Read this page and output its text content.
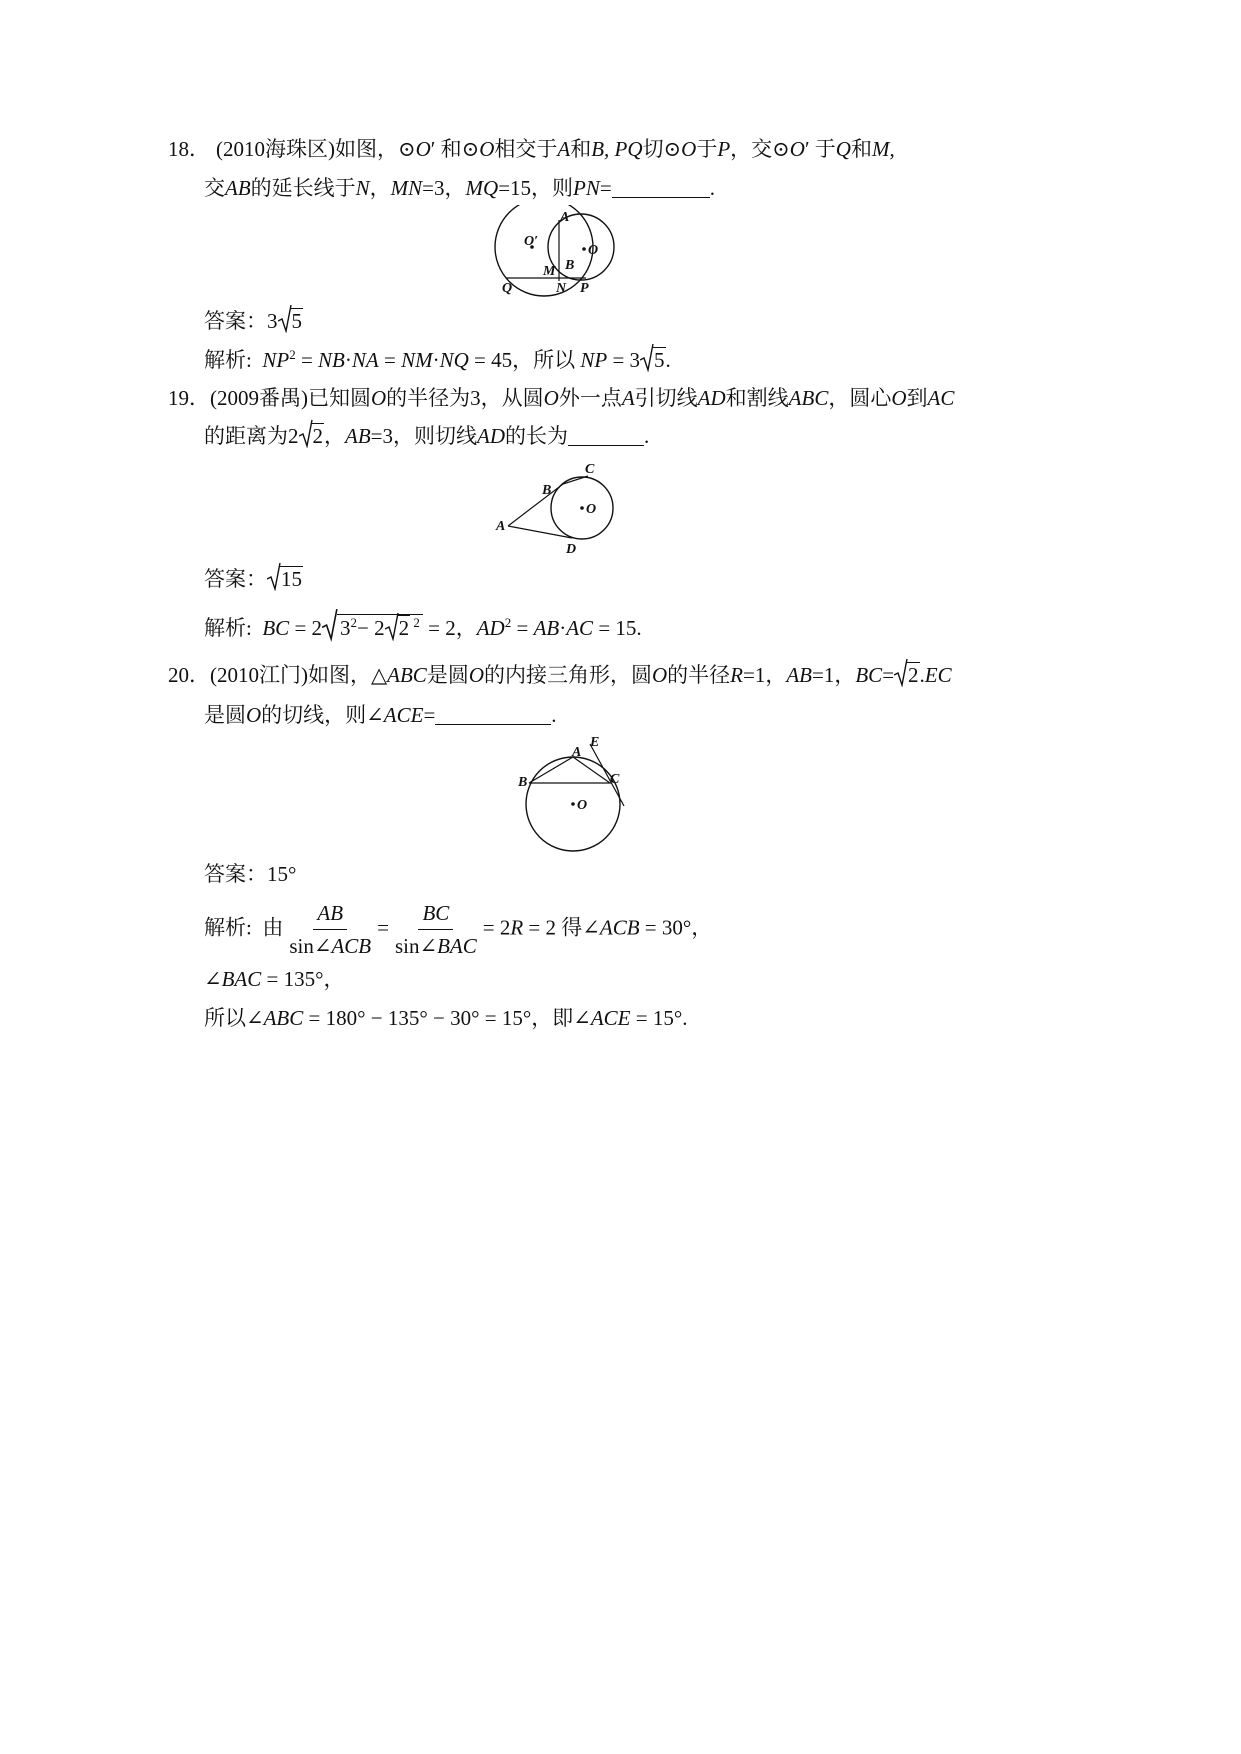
18． (2010海珠区)如图，⊙O′ 和⊙O相交于A和B, PQ切⊙O于P，交⊙O′ 于Q和M,
交AB的延长线于N，MN=3，MQ=15，则PN=	.
A
O′
O
M B
Q	N P
答案：3 5
解析: $NP^2 = NB\cdot NA = NM\cdot NQ = 45$，所以 NP = 3 5.
19．(2009番禺)已知圆O的半径为3，从圆O外一点A引切线AD和割线ABC，圆心O到AC
的距离为2 2，AB=3，则切线AD的长为	.
C
B
O
A
D
答案： 15
解析: BC = 2 $3^2- 2$ 2 $^2$ = 2，$AD^2 = AB\cdot AC = 15$.
20．(2010江门)如图，△ABC是圆O的内接三角形，圆O的半径R=1，AB=1，BC= 2.EC
是圆O的切线，则∠ACE=	.
E
A
B	C
O
答案：15°
解析:  由 $\frac{AB}{\text{sin∠ACB}} = \frac{BC}{\text{sin∠BAC}} = 2R = 2$ 得∠ACB = 30°，
∠BAC = 135°，
所以∠ABC = 180° − 135° − 30° = 15°，即∠ACE = 15°.
